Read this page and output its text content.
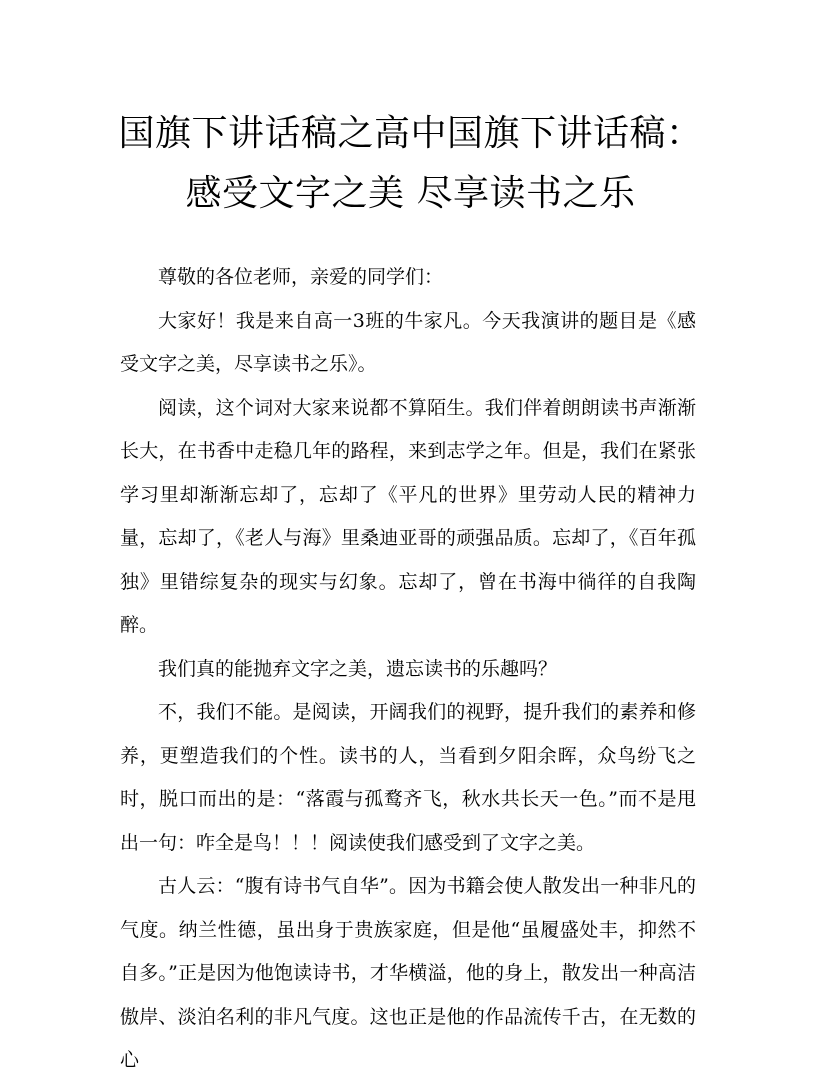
国旗下讲话稿之高中国旗下讲话稿：感受文字之美 尽享读书之乐

尊敬的各位老师，亲爱的同学们：

大家好！我是来自高一3班的牛家凡。今天我演讲的题目是《感受文字之美，尽享读书之乐》。

阅读，这个词对大家来说都不算陌生。我们伴着朗朗读书声渐渐长大，在书香中走稳几年的路程，来到志学之年。但是，我们在紧张学习里却渐渐忘却了，忘却了《平凡的世界》里劳动人民的精神力量，忘却了，《老人与海》里桑迪亚哥的顽强品质。忘却了，《百年孤独》里错综复杂的现实与幻象。忘却了，曾在书海中徜徉的自我陶醉。

我们真的能抛弃文字之美，遗忘读书的乐趣吗？

不，我们不能。是阅读，开阔我们的视野，提升我们的素养和修养，更塑造我们的个性。读书的人，当看到夕阳余晖，众鸟纷飞之时，脱口而出的是：“落霞与孤鹜齐飞，秋水共长天一色。”而不是甩出一句：咋全是鸟！！！阅读使我们感受到了文字之美。

古人云：“腹有诗书气自华”。因为书籍会使人散发出一种非凡的气度。纳兰性德，虽出身于贵族家庭，但是他“虽履盛处丰，抑然不自多。”正是因为他饱读诗书，才华横溢，他的身上，散发出一种高洁傲岸、淡泊名利的非凡气度。这也正是他的作品流传千古，在无数的心
